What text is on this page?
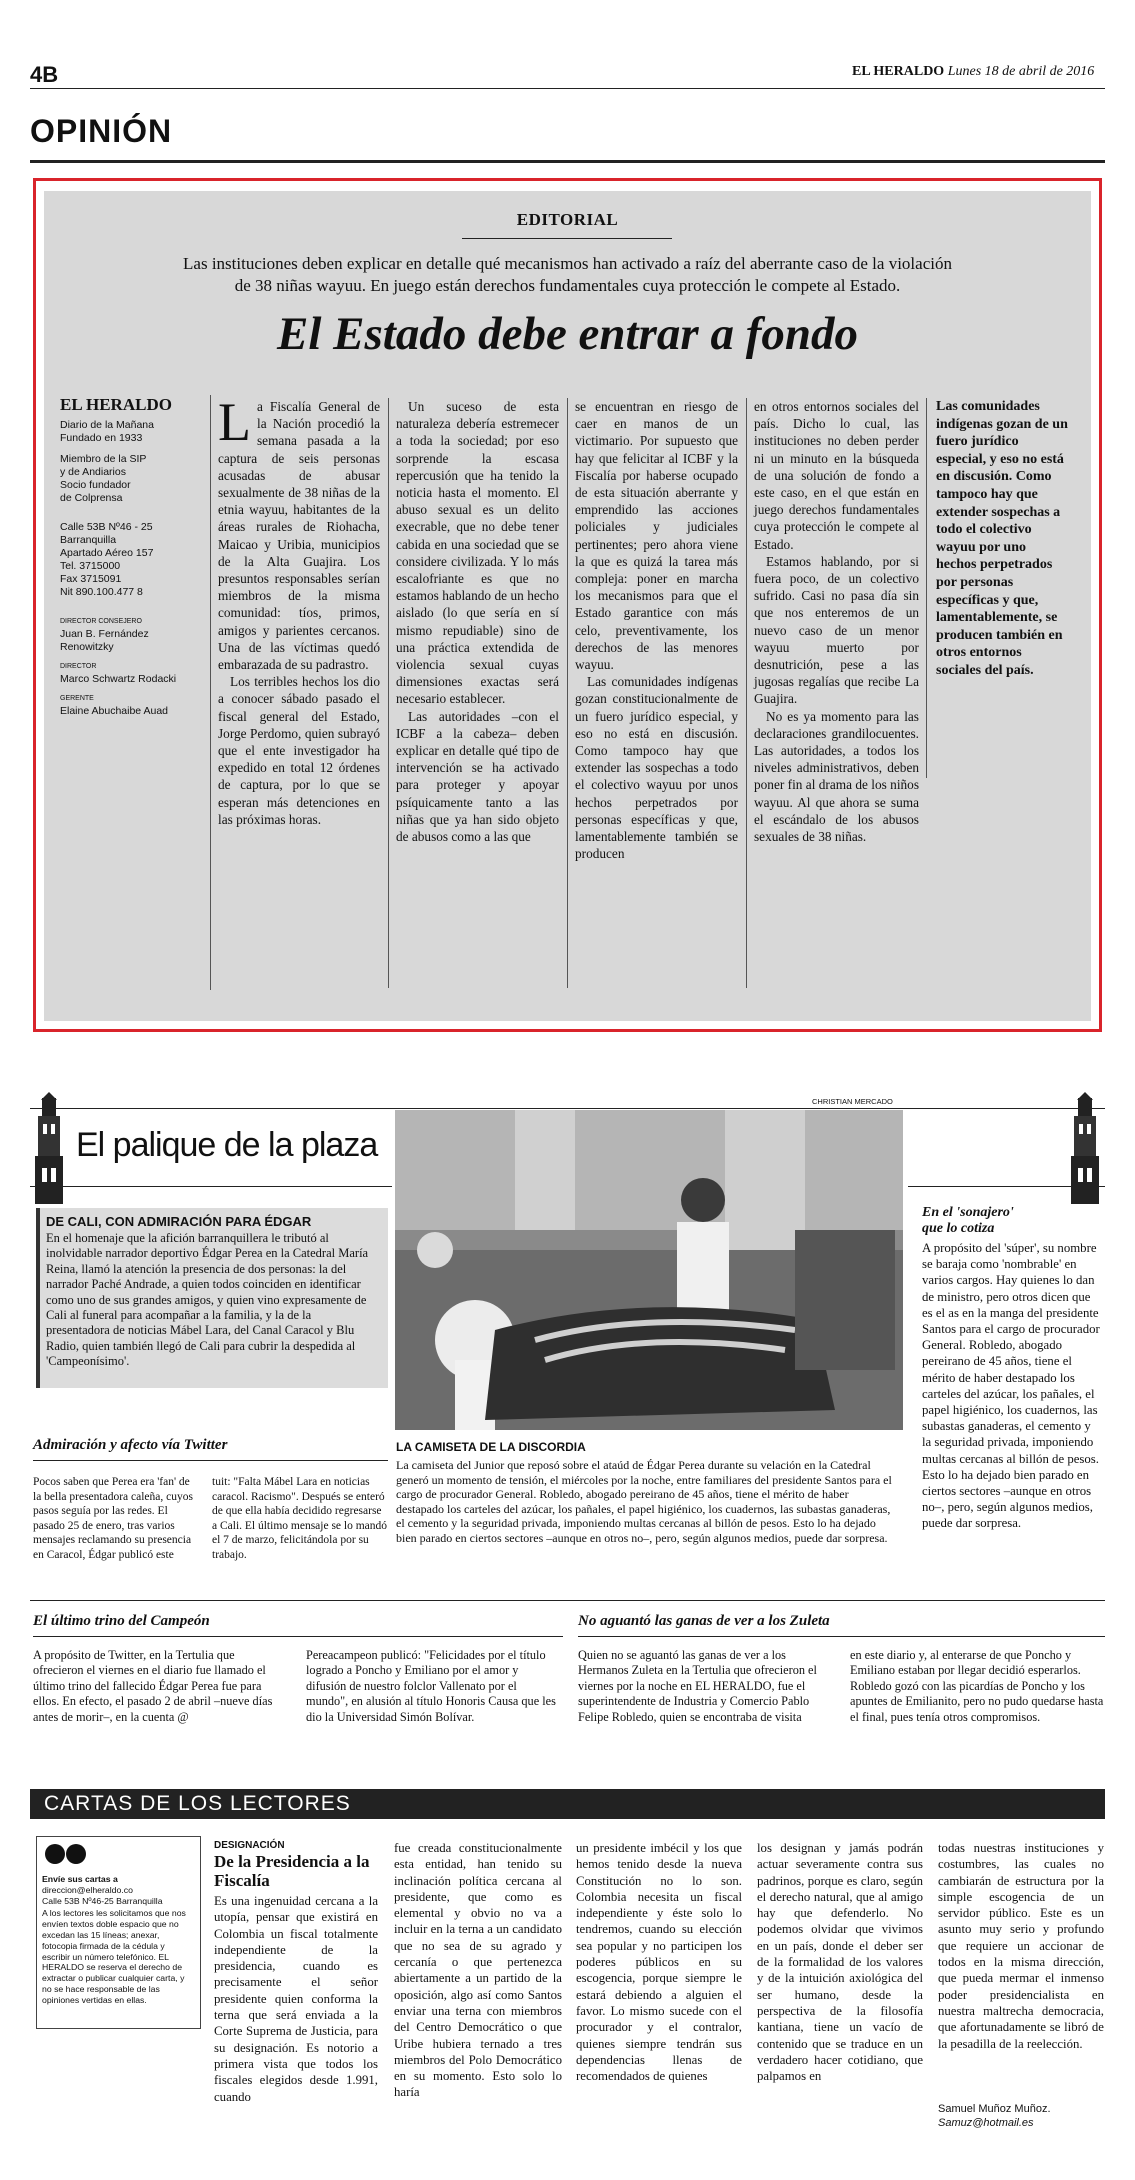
4B	EL HERALDO Lunes 18 de abril de 2016
OPINIÓN
EDITORIAL
Las instituciones deben explicar en detalle qué mecanismos han activado a raíz del aberrante caso de la violación
de 38 niñas wayuu. En juego están derechos fundamentales cuya protección le compete al Estado.
El Estado debe entrar a fondo
EL HERALDO
Diario de la Mañana
Fundado en 1933
Miembro de la SIP
y de Andiarios
Socio fundador
de Colprensa
Calle 53B Nº46 - 25
Barranquilla
Apartado Aéreo 157
Tel. 3715000
Fax 3715091
Nit 890.100.477 8
DIRECTOR CONSEJERO
Juan B. Fernández
Renowitzky
DIRECTOR
Marco Schwartz Rodacki
GERENTE
Elaine Abuchaibe Auad
L a Fiscalía General de la Nación procedió la semana pasada a la captura de seis personas acusadas de abusar sexualmente de 38 niñas de la etnia wayuu, habitantes de la áreas rurales de Riohacha, Maicao y Uribia, municipios de la Alta Guajira. Los presuntos responsables serían miembros de la misma comunidad: tíos, primos, amigos y parientes cercanos. Una de las víctimas quedó embarazada de su padrastro.

Los terribles hechos los dio a conocer sábado pasado el fiscal general del Estado, Jorge Perdomo, quien subrayó que el ente investigador ha expedido en total 12 órdenes de captura, por lo que se esperan más detenciones en las próximas horas.

Un suceso de esta naturaleza debería estremecer a toda la sociedad; por eso sorprende la escasa repercusión que ha tenido la noticia hasta el momento. El abuso sexual es un delito execrable, que no debe tener cabida en una sociedad que se considere civilizada. Y lo más escalofriante es que no estamos hablando de un hecho aislado (lo que sería en sí mismo repudiable) sino de una práctica extendida de violencia sexual cuyas dimensiones exactas será necesario establecer.

Las autoridades –con el ICBF a la cabeza– deben explicar en detalle qué tipo de intervención se ha activado para proteger y apoyar psíquicamente tanto a las niñas que ya han sido objeto de abusos como a las que

se encuentran en riesgo de caer en manos de un victimario. Por supuesto que hay que felicitar al ICBF y la Fiscalía por haberse ocupado de esta situación aberrante y emprendido las acciones policiales y judiciales pertinentes; pero ahora viene la que es quizá la tarea más compleja: poner en marcha los mecanismos para que el Estado garantice con más celo, preventivamente, los derechos de las menores wayuu.

Las comunidades indígenas gozan constitucionalmente de un fuero jurídico especial, y eso no está en discusión. Como tampoco hay que extender las sospechas a todo el colectivo wayuu por unos hechos perpetrados por personas específicas y que, lamentablemente también se producen

en otros entornos sociales del país. Dicho lo cual, las instituciones no deben perder ni un minuto en la búsqueda de una solución de fondo a este caso, en el que están en juego derechos fundamentales cuya protección le compete al Estado.

Estamos hablando, por si fuera poco, de un colectivo sufrido. Casi no pasa día sin que nos enteremos de un nuevo caso de un menor wayuu muerto por desnutrición, pese a las jugosas regalías que recibe La Guajira.

No es ya momento para las declaraciones grandilocuentes. Las autoridades, a todos los niveles administrativos, deben poner fin al drama de los niños wayuu. Al que ahora se suma el escándalo de los abusos sexuales de 38 niñas.

Las comunidades indígenas gozan de un fuero jurídico especial, y eso no está en discusión. Como tampoco hay que extender sospechas a todo el colectivo wayuu por uno hechos perpetrados por personas específicas y que, lamentablemente, se producen también en otros entornos sociales del país.
CHRISTIAN MERCADO
El palique de la plaza
DE CALI, CON ADMIRACIÓN PARA ÉDGAR
En el homenaje que la afición barranquillera le tributó al inolvidable narrador deportivo Édgar Perea en la Catedral María Reina, llamó la atención la presencia de dos personas: la del narrador Paché Andrade, a quien todos coinciden en identificar como uno de sus grandes amigos, y quien vino expresamente de Cali al funeral para acompañar a la familia, y la de la presentadora de noticias Mábel Lara, del Canal Caracol y Blu Radio, quien también llegó de Cali para cubrir la despedida al 'Campeonísimo'.
Admiración y afecto vía Twitter
Pocos saben que Perea era 'fan' de la bella presentadora caleña, cuyos pasos seguía por las redes. El pasado 25 de enero, tras varios mensajes reclamando su presencia en Caracol, Édgar publicó este
tuit: "Falta Mábel Lara en noticias caracol. Racismo". Después se enteró de que ella había decidido regresarse a Cali. El último mensaje se lo mandó el 7 de marzo, felicitándola por su trabajo.
LA CAMISETA DE LA DISCORDIA
La camiseta del Junior que reposó sobre el ataúd de Édgar Perea durante su velación en la Catedral generó un momento de tensión, el miércoles por la noche, entre familiares del presidente Santos para el cargo de procurador General. Robledo, abogado pereirano de 45 años, tiene el mérito de haber destapado los carteles del azúcar, los pañales, el papel higiénico, los cuadernos, las subastas ganaderas, el cemento y la seguridad privada, imponiendo multas cercanas al billón de pesos. Esto lo ha dejado bien parado en ciertos sectores –aunque en otros no–, pero, según algunos medios, puede dar sorpresa.
En el 'sonajero'
que lo cotiza
A propósito del 'súper', su nombre se baraja como 'nombrable' en varios cargos. Hay quienes lo dan de ministro, pero otros dicen que es el as en la manga del presidente Santos para el cargo de procurador General. Robledo, abogado pereirano de 45 años, tiene el mérito de haber destapado los carteles del azúcar, los pañales, el papel higiénico, los cuadernos, las subastas ganaderas, el cemento y la seguridad privada, imponiendo multas cercanas al billón de pesos. Esto lo ha dejado bien parado en ciertos sectores –aunque en otros no–, pero, según algunos medios, puede dar sorpresa.
El último trino del Campeón
A propósito de Twitter, en la Tertulia que ofrecieron el viernes en el diario fue llamado el último trino del fallecido Édgar Perea fue para ellos. En efecto, el pasado 2 de abril –nueve días antes de morir–, en la cuenta @
Pereacampeon publicó: "Felicidades por el título logrado a Poncho y Emiliano por el amor y difusión de nuestro folclor Vallenato por el mundo", en alusión al título Honoris Causa que les dio la Universidad Simón Bolívar.
No aguantó las ganas de ver a los Zuleta
Quien no se aguantó las ganas de ver a los Hermanos Zuleta en la Tertulia que ofrecieron el viernes por la noche en EL HERALDO, fue el superintendente de Industria y Comercio Pablo Felipe Robledo, quien se encontraba de visita
en este diario y, al enterarse de que Poncho y Emiliano estaban por llegar decidió esperarlos. Robledo gozó con las picardías de Poncho y los apuntes de Emilianito, pero no pudo quedarse hasta el final, pues tenía otros compromisos.
CARTAS DE LOS LECTORES
Envíe sus cartas a
direccion@elheraldo.co
Calle 53B Nº46-25 Barranquilla
A los lectores les solicitamos que nos envíen textos doble espacio que no excedan las 15 líneas; anexar, fotocopia firmada de la cédula y escribir un número telefónico. EL HERALDO se reserva el derecho de extractar o publicar cualquier carta, y no se hace responsable de las opiniones vertidas en ellas.
DESIGNACIÓN
De la Presidencia a la Fiscalía
Es una ingenuidad cercana a la utopía, pensar que existirá en Colombia un fiscal totalmente independiente de la presidencia, cuando es precisamente el señor presidente quien conforma la terna que será enviada a la Corte Suprema de Justicia, para su designación. Es notorio a primera vista que todos los fiscales elegidos desde 1.991, cuando
fue creada constitucionalmente esta entidad, han tenido su inclinación política cercana al presidente, que como es elemental y obvio no va a incluir en la terna a un candidato que no sea de su agrado y cercanía o que pertenezca abiertamente a un partido de la oposición, algo así como Santos enviar una terna con miembros del Centro Democrático o que Uribe hubiera ternado a tres miembros del Polo Democrático en su momento. Esto solo lo haría
un presidente imbécil y los que hemos tenido desde la nueva Constitución no lo son. Colombia necesita un fiscal independiente y éste solo lo tendremos, cuando su elección sea popular y no participen los poderes públicos en su escogencia, porque siempre le estará debiendo a alguien el favor. Lo mismo sucede con el procurador y el contralor, quienes siempre tendrán sus dependencias llenas de recomendados de quienes
los designan y jamás podrán actuar severamente contra sus padrinos, porque es claro, según el derecho natural, que al amigo hay que defenderlo. No podemos olvidar que vivimos en un país, donde el deber ser de la formalidad de los valores y de la intuición axiológica del ser humano, desde la perspectiva de la filosofía kantiana, tiene un vacío de contenido que se traduce en un verdadero hacer cotidiano, que palpamos en
todas nuestras instituciones y costumbres, las cuales no cambiarán de estructura por la simple escogencia de un servidor público. Este es un asunto muy serio y profundo que requiere un accionar de todos en la misma dirección, que pueda mermar el inmenso poder presidencialista en nuestra maltrecha democracia, que afortunadamente se libró de la pesadilla de la reelección.
Samuel Muñoz Muñoz.
Samuz@hotmail.es
